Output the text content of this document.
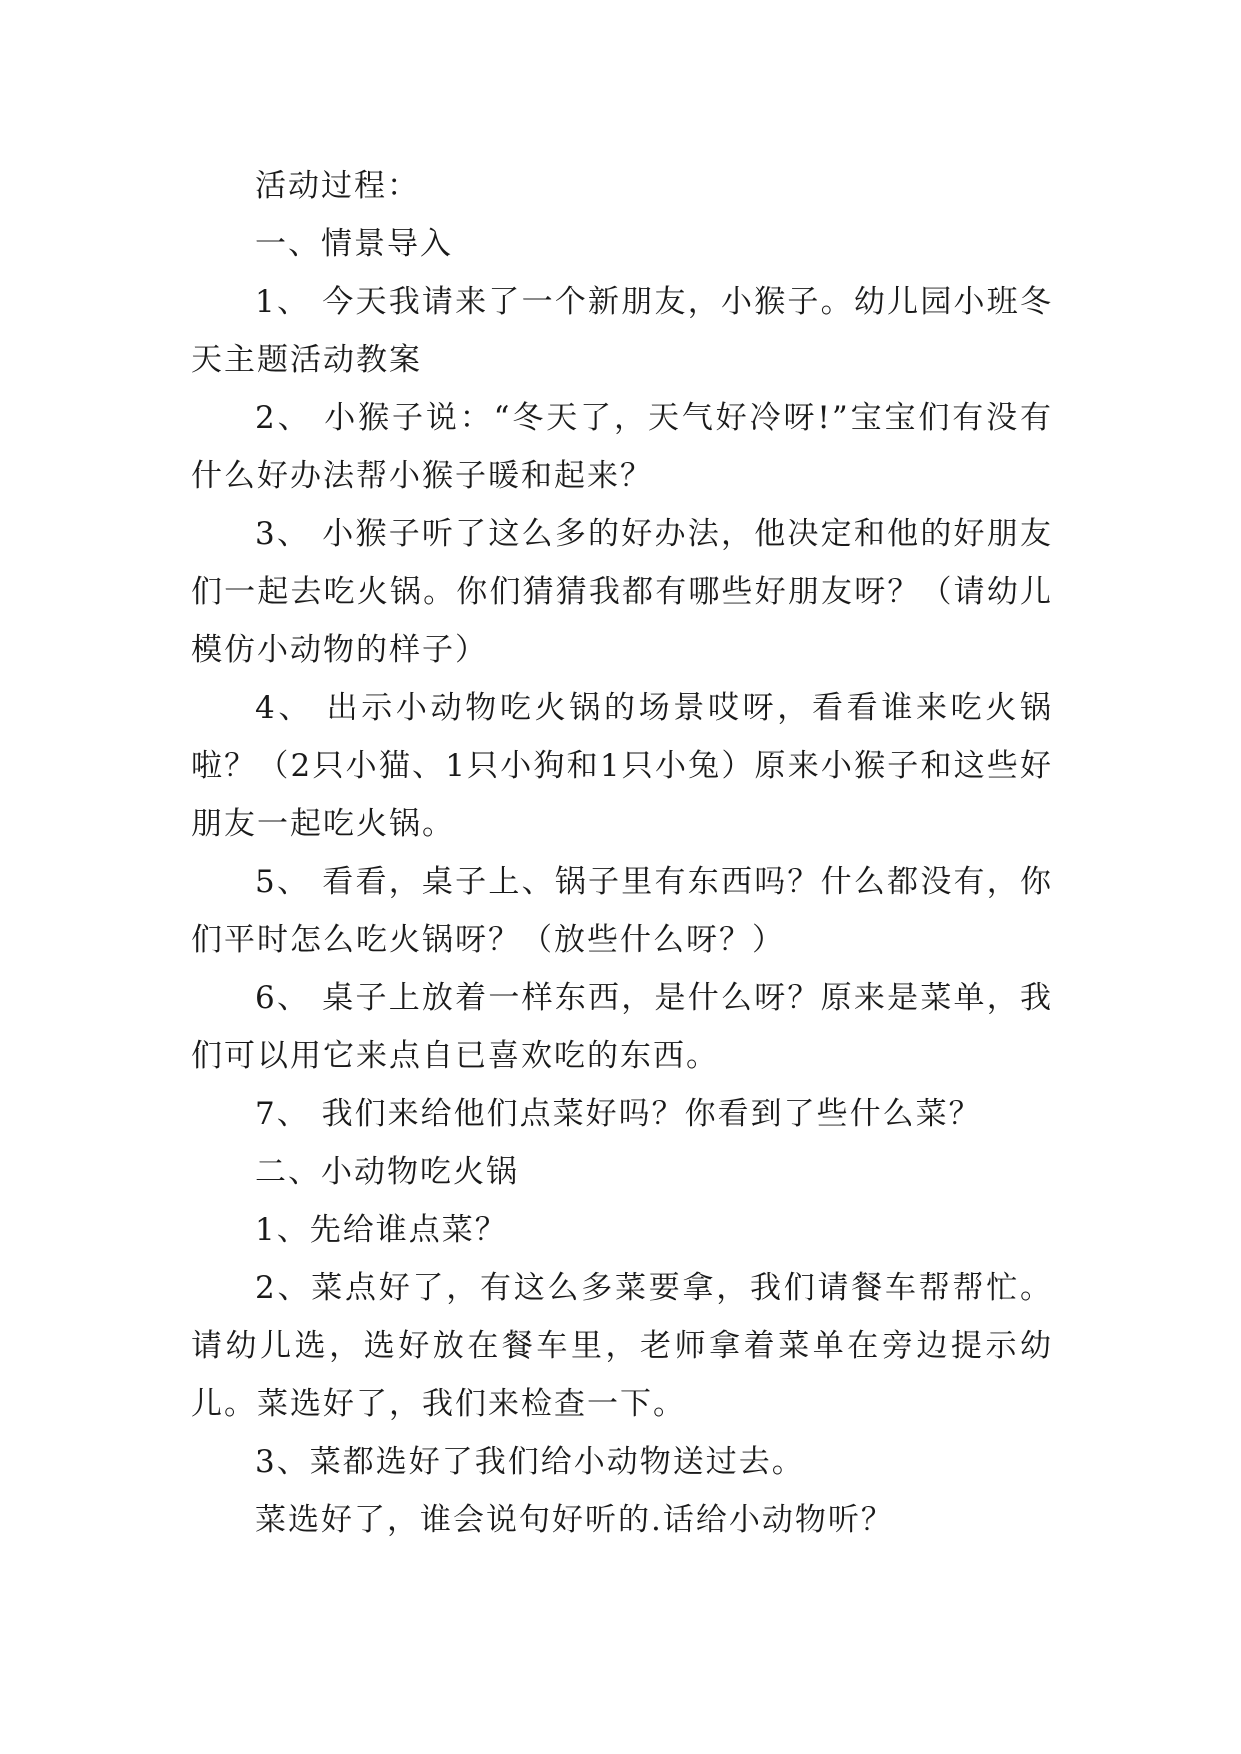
活动过程：

一、情景导入

1、 今天我请来了一个新朋友，小猴子。幼儿园小班冬天主题活动教案

2、 小猴子说：“冬天了，天气好冷呀!”宝宝们有没有什么好办法帮小猴子暖和起来？

3、 小猴子听了这么多的好办法，他决定和他的好朋友们一起去吃火锅。你们猜猜我都有哪些好朋友呀？（请幼儿模仿小动物的样子）

4、 出示小动物吃火锅的场景哎呀，看看谁来吃火锅啦？（2只小猫、1只小狗和1只小兔）原来小猴子和这些好朋友一起吃火锅。

5、 看看，桌子上、锅子里有东西吗？什么都没有，你们平时怎么吃火锅呀？（放些什么呀？）

6、 桌子上放着一样东西，是什么呀？原来是菜单，我们可以用它来点自已喜欢吃的东西。

7、 我们来给他们点菜好吗？你看到了些什么菜？

二、小动物吃火锅

1、先给谁点菜？

2、菜点好了，有这么多菜要拿，我们请餐车帮帮忙。请幼儿选，选好放在餐车里，老师拿着菜单在旁边提示幼儿。菜选好了，我们来检查一下。

3、菜都选好了我们给小动物送过去。

菜选好了，谁会说句好听的.话给小动物听？
